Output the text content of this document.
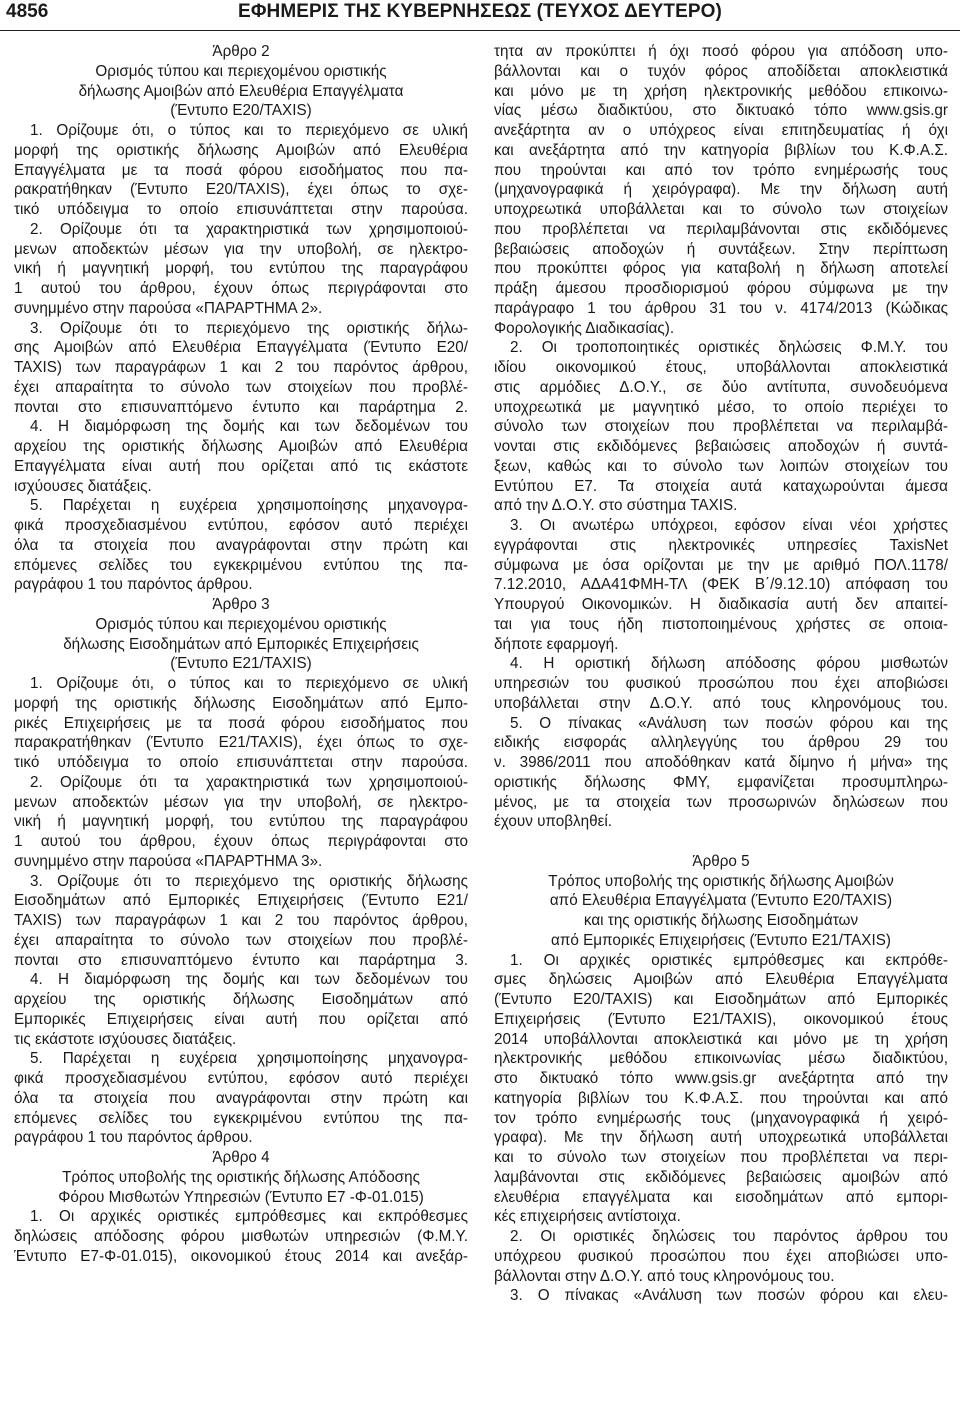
4856	ΕΦΗΜΕΡΙΣ ΤΗΣ ΚΥΒΕΡΝΗΣΕΩΣ (ΤΕΥΧΟΣ ΔΕΥΤΕΡΟ)
Άρθρο 2
Ορισμός τύπου και περιεχομένου οριστικής
δήλωσης Αμοιβών από Ελευθέρια Επαγγέλματα
(Έντυπο Ε20/TAXIS)
1. Ορίζουμε ότι, ο τύπος και το περιεχόμενο σε υλική
μορφή της οριστικής δήλωσης Αμοιβών από Ελευθέρια
Επαγγέλματα με τα ποσά φόρου εισοδήματος που πα-
ρακρατήθηκαν (Έντυπο Ε20/TAXIS), έχει όπως το σχε-
τικό υπόδειγμα το οποίο επισυνάπτεται στην παρούσα.
2. Ορίζουμε ότι τα χαρακτηριστικά των χρησιμοποιού-
μενων αποδεκτών μέσων για την υποβολή, σε ηλεκτρο-
νική ή μαγνητική μορφή, του εντύπου της παραγράφου
1 αυτού του άρθρου, έχουν όπως περιγράφονται στο
συνημμένο στην παρούσα «ΠΑΡΑΡΤΗΜΑ 2».
3. Ορίζουμε ότι το περιεχόμενο της οριστικής δήλω-
σης Αμοιβών από Ελευθέρια Επαγγέλματα (Έντυπο Ε20/
TAXIS) των παραγράφων 1 και 2 του παρόντος άρθρου,
έχει απαραίτητα το σύνολο των στοιχείων που προβλέ-
πονται στο επισυναπτόμενο έντυπο και παράρτημα 2.
4. Η διαμόρφωση της δομής και των δεδομένων του
αρχείου της οριστικής δήλωσης Αμοιβών από Ελευθέρια
Επαγγέλματα είναι αυτή που ορίζεται από τις εκάστοτε
ισχύουσες διατάξεις.
5. Παρέχεται η ευχέρεια χρησιμοποίησης μηχανογρα-
φικά προσχεδιασμένου εντύπου, εφόσον αυτό περιέχει
όλα τα στοιχεία που αναγράφονται στην πρώτη και
επόμενες σελίδες του εγκεκριμένου εντύπου της πα-
ραγράφου 1 του παρόντος άρθρου.
Άρθρο 3
Ορισμός τύπου και περιεχομένου οριστικής
δήλωσης Εισοδημάτων από Εμπορικές Επιχειρήσεις
(Έντυπο Ε21/TAXIS)
1. Ορίζουμε ότι, ο τύπος και το περιεχόμενο σε υλική
μορφή της οριστικής δήλωσης Εισοδημάτων από Εμπο-
ρικές Επιχειρήσεις με τα ποσά φόρου εισοδήματος που
παρακρατήθηκαν (Έντυπο Ε21/TAXIS), έχει όπως το σχε-
τικό υπόδειγμα το οποίο επισυνάπτεται στην παρούσα.
2. Ορίζουμε ότι τα χαρακτηριστικά των χρησιμοποιού-
μενων αποδεκτών μέσων για την υποβολή, σε ηλεκτρο-
νική ή μαγνητική μορφή, του εντύπου της παραγράφου
1 αυτού του άρθρου, έχουν όπως περιγράφονται στο
συνημμένο στην παρούσα «ΠΑΡΑΡΤΗΜΑ 3».
3. Ορίζουμε ότι το περιεχόμενο της οριστικής δήλωσης
Εισοδημάτων από Εμπορικές Επιχειρήσεις (Έντυπο Ε21/
TAXIS) των παραγράφων 1 και 2 του παρόντος άρθρου,
έχει απαραίτητα το σύνολο των στοιχείων που προβλέ-
πονται στο επισυναπτόμενο έντυπο και παράρτημα 3.
4. Η διαμόρφωση της δομής και των δεδομένων του
αρχείου της οριστικής δήλωσης Εισοδημάτων από
Εμπορικές Επιχειρήσεις είναι αυτή που ορίζεται από
τις εκάστοτε ισχύουσες διατάξεις.
5. Παρέχεται η ευχέρεια χρησιμοποίησης μηχανογρα-
φικά προσχεδιασμένου εντύπου, εφόσον αυτό περιέχει
όλα τα στοιχεία που αναγράφονται στην πρώτη και
επόμενες σελίδες του εγκεκριμένου εντύπου της πα-
ραγράφου 1 του παρόντος άρθρου.
Άρθρο 4
Τρόπος υποβολής της οριστικής δήλωσης Απόδοσης
Φόρου Μισθωτών Υπηρεσιών (Έντυπο Ε7 -Φ-01.015)
1. Οι αρχικές οριστικές εμπρόθεσμες και εκπρόθεσμες
δηλώσεις απόδοσης φόρου μισθωτών υπηρεσιών (Φ.Μ.Υ.
Έντυπο Ε7-Φ-01.015), οικονομικού έτους 2014 και ανεξάρ-
τητα αν προκύπτει ή όχι ποσό φόρου για απόδοση υπο-
βάλλονται και ο τυχόν φόρος αποδίδεται αποκλειστικά
και μόνο με τη χρήση ηλεκτρονικής μεθόδου επικοινω-
νίας μέσω διαδικτύου, στο δικτυακό τόπο www.gsis.gr
ανεξάρτητα αν ο υπόχρεος είναι επιτηδευματίας ή όχι
και ανεξάρτητα από την κατηγορία βιβλίων του Κ.Φ.Α.Σ.
που τηρούνται και από τον τρόπο ενημέρωσής τους
(μηχανογραφικά ή χειρόγραφα). Με την δήλωση αυτή
υποχρεωτικά υποβάλλεται και το σύνολο των στοιχείων
που προβλέπεται να περιλαμβάνονται στις εκδιδόμενες
βεβαιώσεις αποδοχών ή συντάξεων. Στην περίπτωση
που προκύπτει φόρος για καταβολή η δήλωση αποτελεί
πράξη άμεσου προσδιορισμού φόρου σύμφωνα με την
παράγραφο 1 του άρθρου 31 του ν. 4174/2013 (Κώδικας
Φορολογικής Διαδικασίας).
2. Οι τροποποιητικές οριστικές δηλώσεις Φ.Μ.Υ. του
ιδίου οικονομικού έτους, υποβάλλονται αποκλειστικά
στις αρμόδιες Δ.Ο.Υ., σε δύο αντίτυπα, συνοδευόμενα
υποχρεωτικά με μαγνητικό μέσο, το οποίο περιέχει το
σύνολο των στοιχείων που προβλέπεται να περιλαμβά-
νονται στις εκδιδόμενες βεβαιώσεις αποδοχών ή συντά-
ξεων, καθώς και το σύνολο των λοιπών στοιχείων του
Εντύπου Ε7. Τα στοιχεία αυτά καταχωρούνται άμεσα
από την Δ.Ο.Υ. στο σύστημα TAXIS.
3. Οι ανωτέρω υπόχρεοι, εφόσον είναι νέοι χρήστες
εγγράφονται στις ηλεκτρονικές υπηρεσίες TaxisNet
σύμφωνα με όσα ορίζονται με την με αριθμό ΠΟΛ.1178/
7.12.2010, ΑΔΑ41ΦΜΗ-ΤΛ (ΦΕΚ Β΄/9.12.10) απόφαση του
Υπουργού Οικονομικών. Η διαδικασία αυτή δεν απαιτεί-
ται για τους ήδη πιστοποιημένους χρήστες σε οποια-
δήποτε εφαρμογή.
4. Η οριστική δήλωση απόδοσης φόρου μισθωτών
υπηρεσιών του φυσικού προσώπου που έχει αποβιώσει
υποβάλλεται στην Δ.Ο.Υ. από τους κληρονόμους του.
5. Ο πίνακας «Ανάλυση των ποσών φόρου και της
ειδικής εισφοράς αλληλεγγύης του άρθρου 29 του
ν. 3986/2011 που αποδόθηκαν κατά δίμηνο ή μήνα» της
οριστικής δήλωσης ΦΜΥ, εμφανίζεται προσυμπληρω-
μένος, με τα στοιχεία των προσωρινών δηλώσεων που
έχουν υποβληθεί.
Άρθρο 5
Τρόπος υποβολής της οριστικής δήλωσης Αμοιβών
από Ελευθέρια Επαγγέλματα (Έντυπο Ε20/TAXIS)
και της οριστικής δήλωσης Εισοδημάτων
από Εμπορικές Επιχειρήσεις (Έντυπο Ε21/TAXIS)
1. Οι αρχικές οριστικές εμπρόθεσμες και εκπρόθε-
σμες δηλώσεις Αμοιβών από Ελευθέρια Επαγγέλματα
(Έντυπο Ε20/TAXIS) και Εισοδημάτων από Εμπορικές
Επιχειρήσεις (Έντυπο Ε21/TAXIS), οικονομικού έτους
2014 υποβάλλονται αποκλειστικά και μόνο με τη χρήση
ηλεκτρονικής μεθόδου επικοινωνίας μέσω διαδικτύου,
στο δικτυακό τόπο www.gsis.gr ανεξάρτητα από την
κατηγορία βιβλίων του Κ.Φ.Α.Σ. που τηρούνται και από
τον τρόπο ενημέρωσής τους (μηχανογραφικά ή χειρό-
γραφα). Με την δήλωση αυτή υποχρεωτικά υποβάλλεται
και το σύνολο των στοιχείων που προβλέπεται να περι-
λαμβάνονται στις εκδιδόμενες βεβαιώσεις αμοιβών από
ελευθέρια επαγγέλματα και εισοδημάτων από εμπορι-
κές επιχειρήσεις αντίστοιχα.
2. Οι οριστικές δηλώσεις του παρόντος άρθρου του
υπόχρεου φυσικού προσώπου που έχει αποβιώσει υπο-
βάλλονται στην Δ.Ο.Υ. από τους κληρονόμους του.
3. Ο πίνακας «Ανάλυση των ποσών φόρου και ελευ-
